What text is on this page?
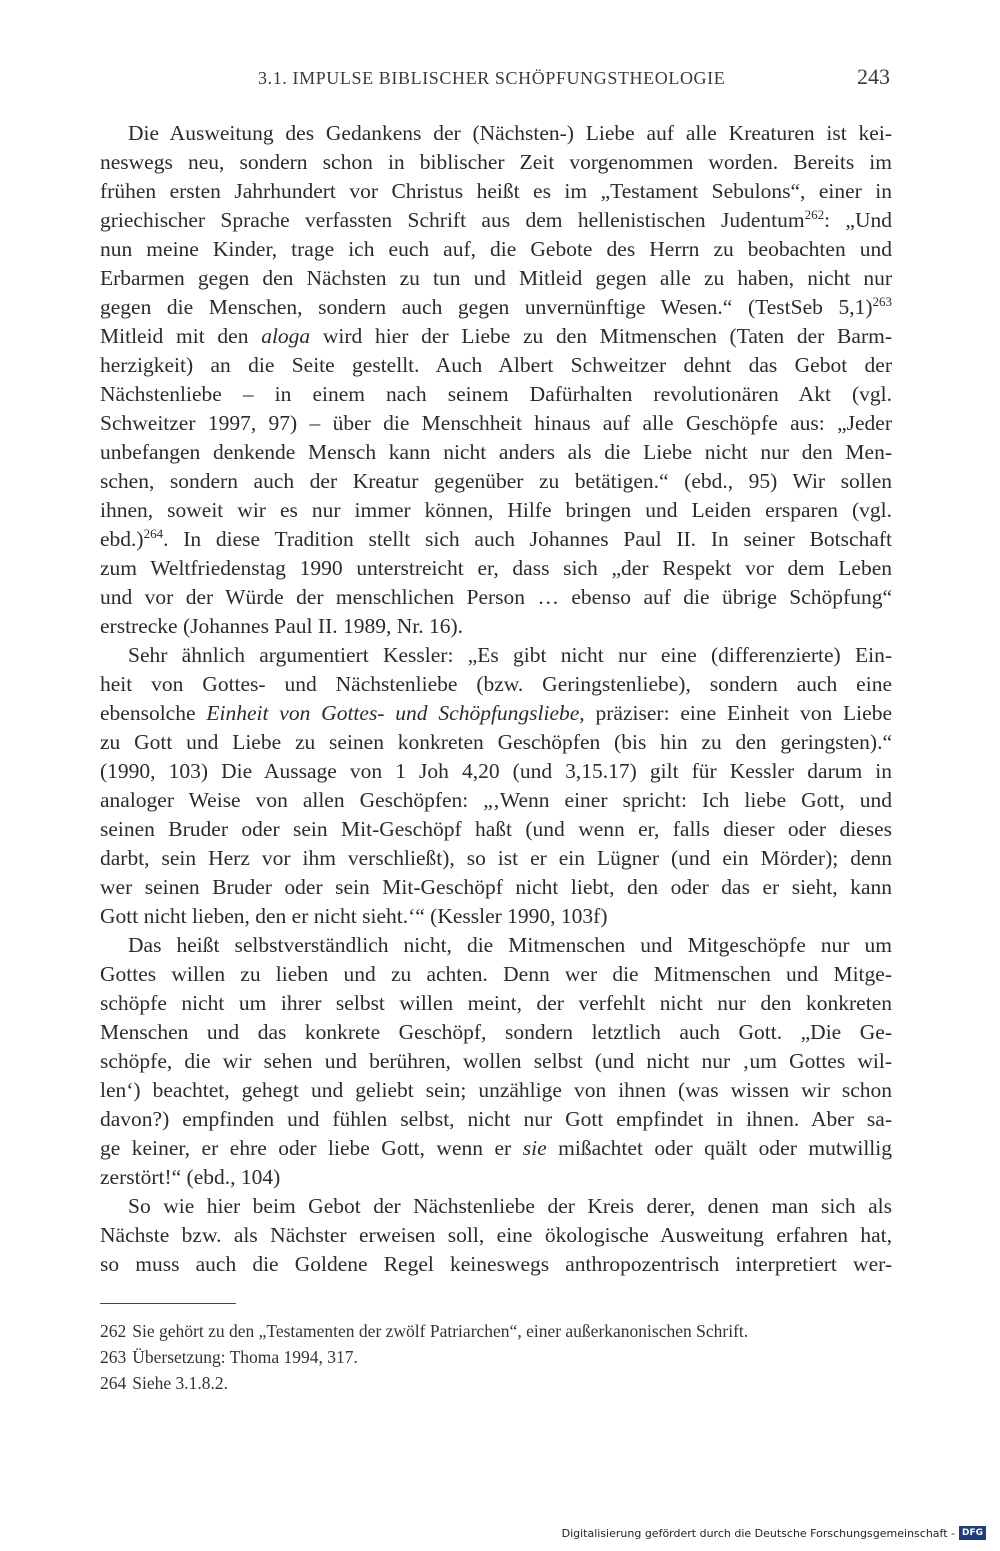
3.1. IMPULSE BIBLISCHER SCHÖPFUNGSTHEOLOGIE	243
Die Ausweitung des Gedankens der (Nächsten-) Liebe auf alle Kreaturen ist kei-
neswegs neu, sondern schon in biblischer Zeit vorgenommen worden. Bereits im
frühen ersten Jahrhundert vor Christus heißt es im „Testament Sebulons“, einer in
griechischer Sprache verfassten Schrift aus dem hellenistischen Judentum$^{262}$: „Und
nun meine Kinder, trage ich euch auf, die Gebote des Herrn zu beobachten und
Erbarmen gegen den Nächsten zu tun und Mitleid gegen alle zu haben, nicht nur
gegen die Menschen, sondern auch gegen unvernünftige Wesen.“ (TestSeb 5,1)$^{263}$
Mitleid mit den aloga wird hier der Liebe zu den Mitmenschen (Taten der Barm-
herzigkeit) an die Seite gestellt. Auch Albert Schweitzer dehnt das Gebot der
Nächstenliebe – in einem nach seinem Dafürhalten revolutionären Akt (vgl.
Schweitzer 1997, 97) – über die Menschheit hinaus auf alle Geschöpfe aus: „Jeder
unbefangen denkende Mensch kann nicht anders als die Liebe nicht nur den Men-
schen, sondern auch der Kreatur gegenüber zu betätigen.“ (ebd., 95) Wir sollen
ihnen, soweit wir es nur immer können, Hilfe bringen und Leiden ersparen (vgl.
ebd.)$^{264}$. In diese Tradition stellt sich auch Johannes Paul II. In seiner Botschaft
zum Weltfriedenstag 1990 unterstreicht er, dass sich „der Respekt vor dem Leben
und vor der Würde der menschlichen Person … ebenso auf die übrige Schöpfung“
erstrecke (Johannes Paul II. 1989, Nr. 16).
Sehr ähnlich argumentiert Kessler: „Es gibt nicht nur eine (differenzierte) Ein-
heit von Gottes- und Nächstenliebe (bzw. Geringstenliebe), sondern auch eine
ebensolche Einheit von Gottes- und Schöpfungsliebe, präziser: eine Einheit von Liebe
zu Gott und Liebe zu seinen konkreten Geschöpfen (bis hin zu den geringsten).“
(1990, 103) Die Aussage von 1 Joh 4,20 (und 3,15.17) gilt für Kessler darum in
analoger Weise von allen Geschöpfen: „‚Wenn einer spricht: Ich liebe Gott, und
seinen Bruder oder sein Mit-Geschöpf haßt (und wenn er, falls dieser oder dieses
darbt, sein Herz vor ihm verschließt), so ist er ein Lügner (und ein Mörder); denn
wer seinen Bruder oder sein Mit-Geschöpf nicht liebt, den oder das er sieht, kann
Gott nicht lieben, den er nicht sieht.‘“ (Kessler 1990, 103f)
Das heißt selbstverständlich nicht, die Mitmenschen und Mitgeschöpfe nur um
Gottes willen zu lieben und zu achten. Denn wer die Mitmenschen und Mitge-
schöpfe nicht um ihrer selbst willen meint, der verfehlt nicht nur den konkreten
Menschen und das konkrete Geschöpf, sondern letztlich auch Gott. „Die Ge-
schöpfe, die wir sehen und berühren, wollen selbst (und nicht nur ‚um Gottes wil-
len‘) beachtet, gehegt und geliebt sein; unzählige von ihnen (was wissen wir schon
davon?) empfinden und fühlen selbst, nicht nur Gott empfindet in ihnen. Aber sa-
ge keiner, er ehre oder liebe Gott, wenn er sie mißachtet oder quält oder mutwillig
zerstört!“ (ebd., 104)
So wie hier beim Gebot der Nächstenliebe der Kreis derer, denen man sich als
Nächste bzw. als Nächster erweisen soll, eine ökologische Ausweitung erfahren hat,
so muss auch die Goldene Regel keineswegs anthropozentrisch interpretiert wer-
262 Sie gehört zu den „Testamenten der zwölf Patriarchen“, einer außerkanonischen Schrift.
263 Übersetzung: Thoma 1994, 317.
264 Siehe 3.1.8.2.
Digitalisierung gefördert durch die Deutsche Forschungsgemeinschaft - DFG
